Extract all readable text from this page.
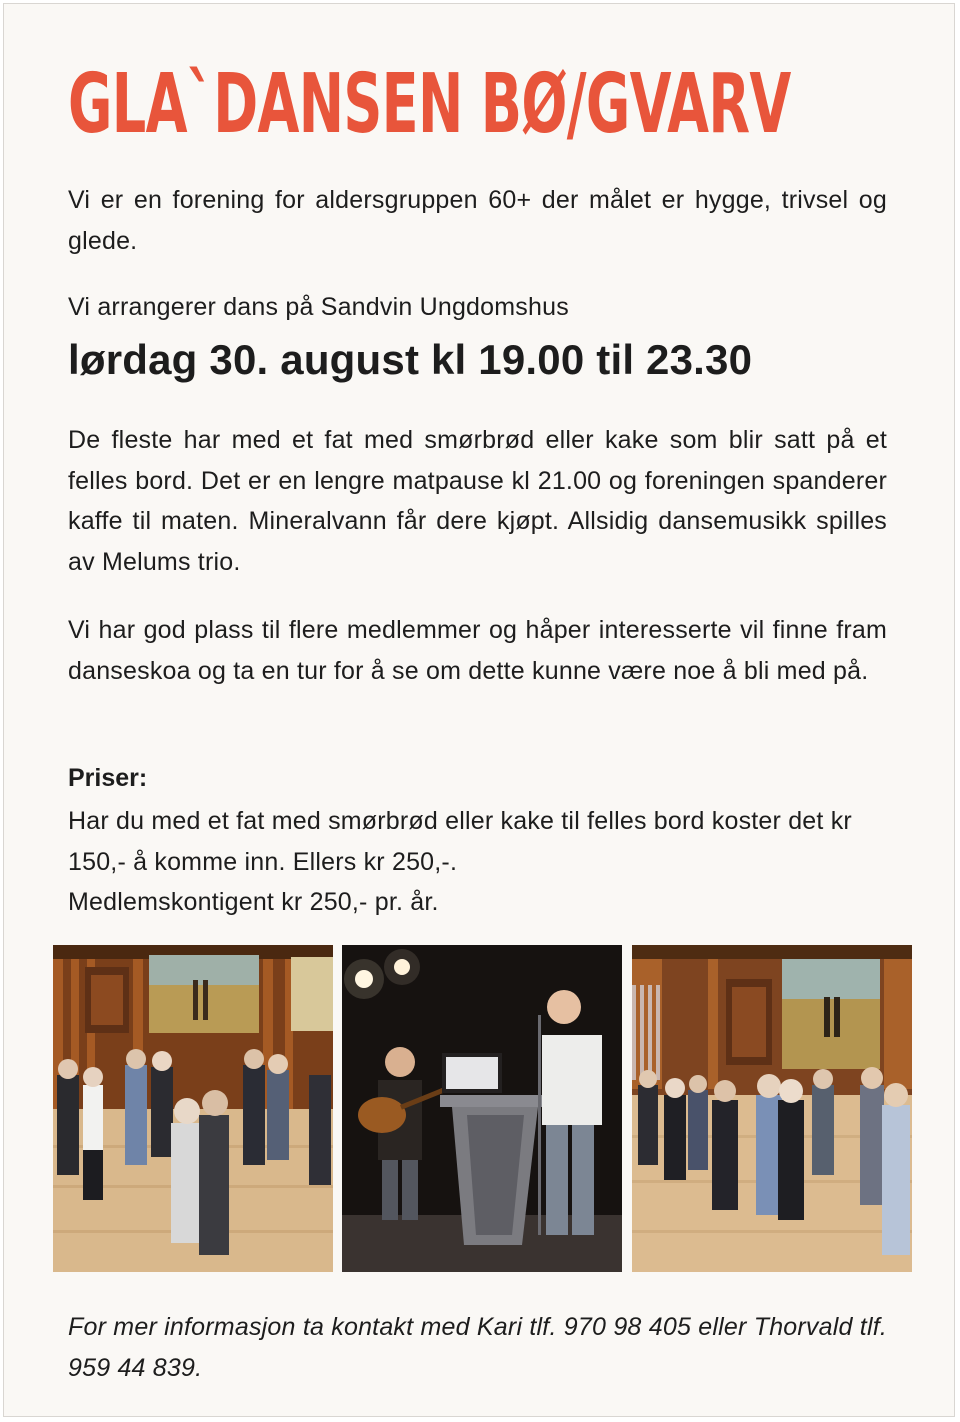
GLA`DANSEN BØ/GVARV

Vi er en forening for aldersgruppen 60+ der målet er hygge, trivsel og glede.

Vi arrangerer dans på Sandvin Ungdomshus

lørdag 30. august kl 19.00 til 23.30

De fleste har med et fat med smørbrød eller kake som blir satt på et felles bord. Det er en lengre matpause kl 21.00 og foreningen spanderer kaffe til maten. Mineralvann får dere kjøpt. Allsidig dansemusikk spilles av Melums trio.

Vi har god plass til flere medlemmer og håper interesserte vil finne fram danseskoa og ta en tur for å se om dette kunne være noe å bli med på.

Priser:

Har du med et fat med smørbrød eller kake til felles bord koster det kr 150,- å komme inn. Ellers kr 250,-.
Medlemskontigent kr 250,- pr. år.

For mer informasjon ta kontakt med Kari tlf. 970 98 405 eller Thorvald tlf. 959 44 839.
